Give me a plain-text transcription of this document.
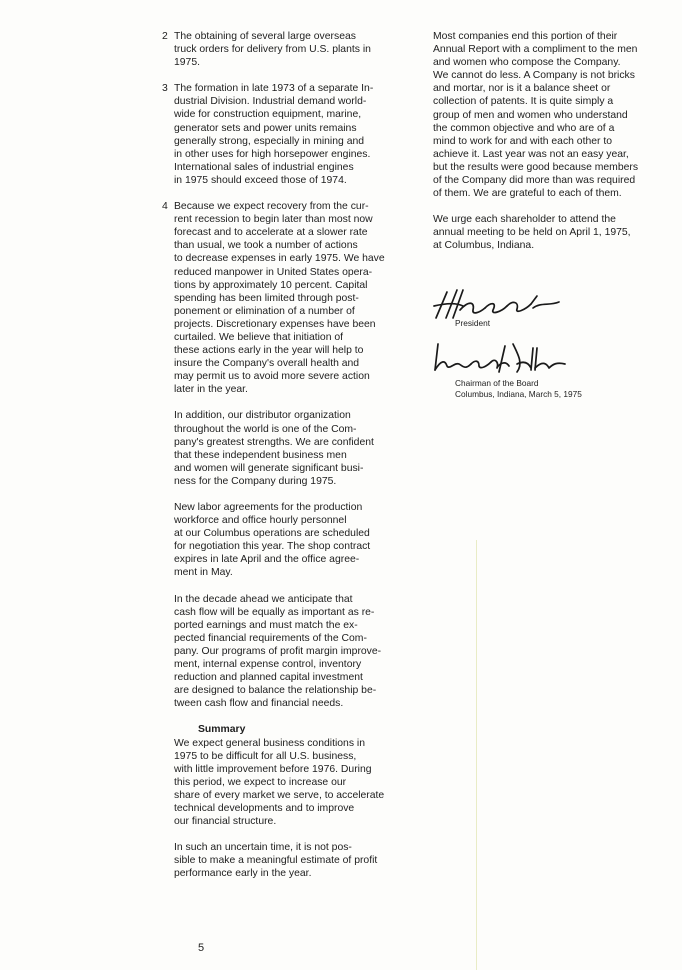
2 The obtaining of several large overseas
truck orders for delivery from U.S. plants in
1975.
3 The formation in late 1973 of a separate In-
dustrial Division. Industrial demand world-
wide for construction equipment, marine,
generator sets and power units remains
generally strong, especially in mining and
in other uses for high horsepower engines.
International sales of industrial engines
in 1975 should exceed those of 1974.
4 Because we expect recovery from the cur-
rent recession to begin later than most now
forecast and to accelerate at a slower rate
than usual, we took a number of actions
to decrease expenses in early 1975. We have
reduced manpower in United States opera-
tions by approximately 10 percent. Capital
spending has been limited through post-
ponement or elimination of a number of
projects. Discretionary expenses have been
curtailed. We believe that initiation of
these actions early in the year will help to
insure the Company's overall health and
may permit us to avoid more severe action
later in the year.
In addition, our distributor organization
throughout the world is one of the Com-
pany's greatest strengths. We are confident
that these independent business men
and women will generate significant busi-
ness for the Company during 1975.
New labor agreements for the production
workforce and office hourly personnel
at our Columbus operations are scheduled
for negotiation this year. The shop contract
expires in late April and the office agree-
ment in May.
In the decade ahead we anticipate that
cash flow will be equally as important as re-
ported earnings and must match the ex-
pected financial requirements of the Com-
pany. Our programs of profit margin improve-
ment, internal expense control, inventory
reduction and planned capital investment
are designed to balance the relationship be-
tween cash flow and financial needs.
Summary
We expect general business conditions in
1975 to be difficult for all U.S. business,
with little improvement before 1976. During
this period, we expect to increase our
share of every market we serve, to accelerate
technical developments and to improve
our financial structure.
In such an uncertain time, it is not pos-
sible to make a meaningful estimate of profit
performance early in the year.
Most companies end this portion of their
Annual Report with a compliment to the men
and women who compose the Company.
We cannot do less. A Company is not bricks
and mortar, nor is it a balance sheet or
collection of patents. It is quite simply a
group of men and women who understand
the common objective and who are of a
mind to work for and with each other to
achieve it. Last year was not an easy year,
but the results were good because members
of the Company did more than was required
of them. We are grateful to each of them.
We urge each shareholder to attend the
annual meeting to be held on April 1, 1975,
at Columbus, Indiana.
President
Chairman of the Board
Columbus, Indiana, March 5, 1975
5
